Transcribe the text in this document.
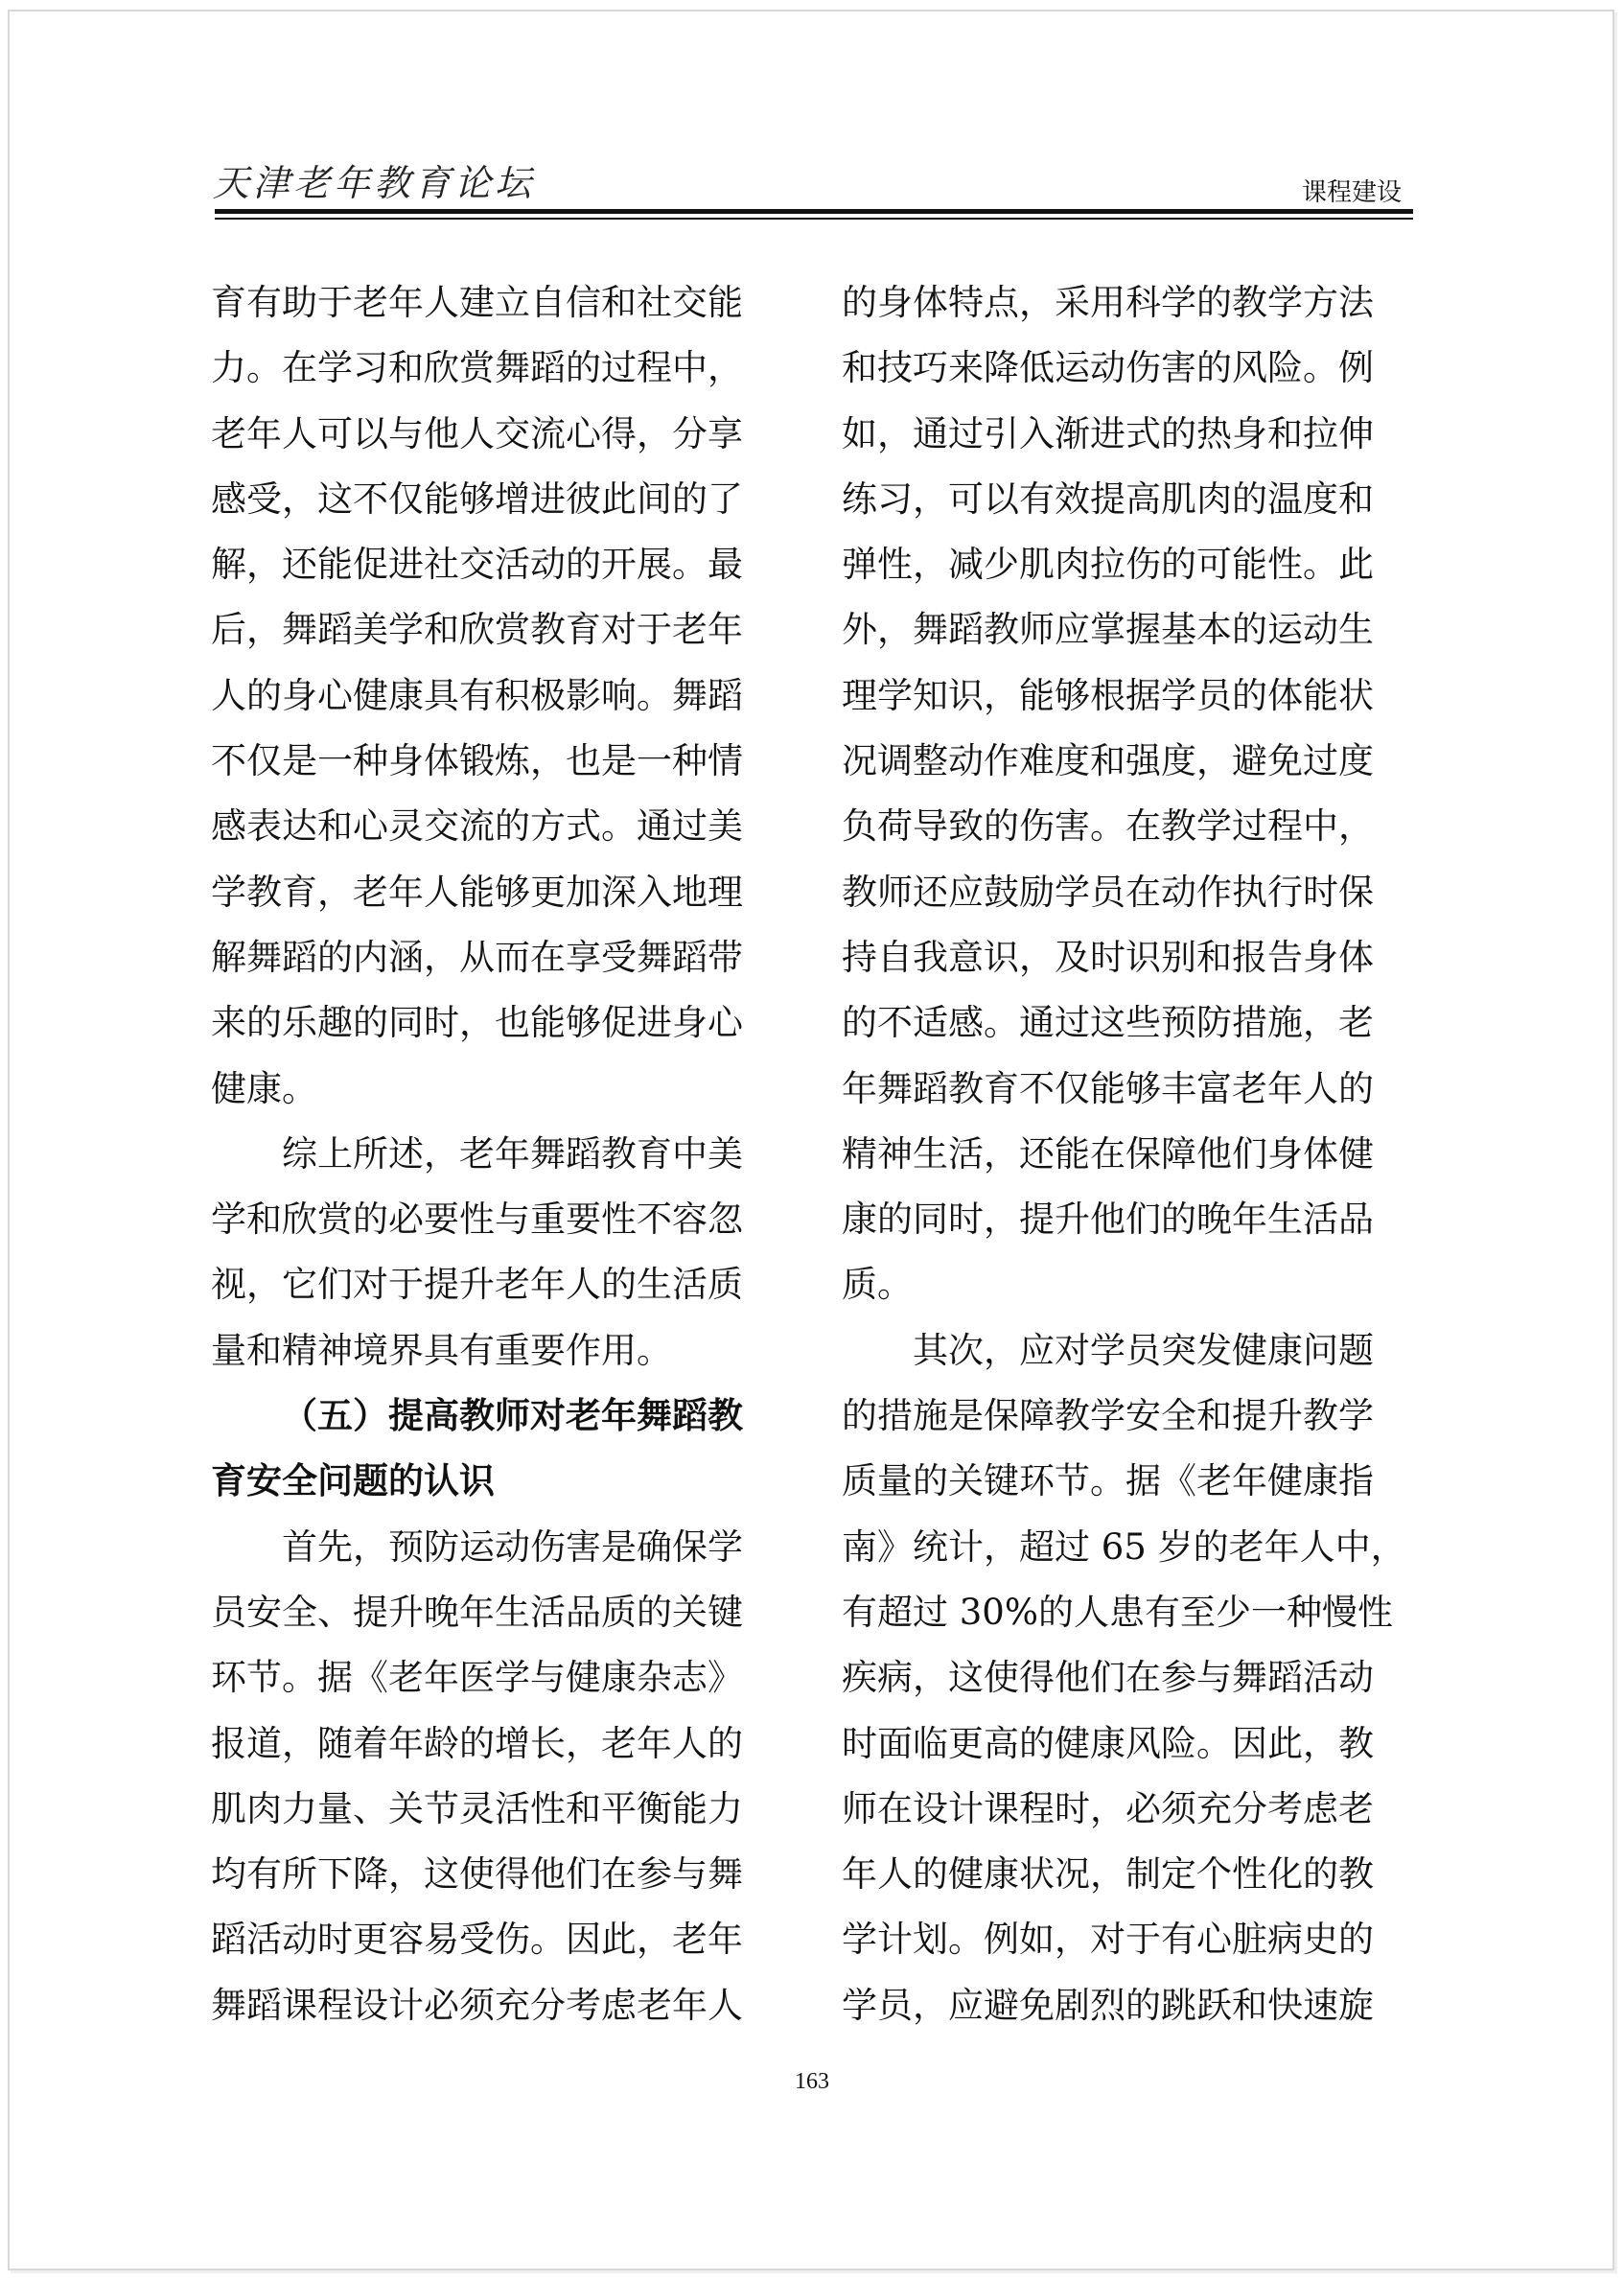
天津老年教育论坛	课程建设
育有助于老年人建立自信和社交能
力。在学习和欣赏舞蹈的过程中，
老年人可以与他人交流心得，分享
感受，这不仅能够增进彼此间的了
解，还能促进社交活动的开展。最
后，舞蹈美学和欣赏教育对于老年
人的身心健康具有积极影响。舞蹈
不仅是一种身体锻炼，也是一种情
感表达和心灵交流的方式。通过美
学教育，老年人能够更加深入地理
解舞蹈的内涵，从而在享受舞蹈带
来的乐趣的同时，也能够促进身心
健康。
综上所述，老年舞蹈教育中美
学和欣赏的必要性与重要性不容忽
视，它们对于提升老年人的生活质
量和精神境界具有重要作用。
（五）提高教师对老年舞蹈教
育安全问题的认识
首先，预防运动伤害是确保学
员安全、提升晚年生活品质的关键
环节。据《老年医学与健康杂志》
报道，随着年龄的增长，老年人的
肌肉力量、关节灵活性和平衡能力
均有所下降，这使得他们在参与舞
蹈活动时更容易受伤。因此，老年
舞蹈课程设计必须充分考虑老年人
的身体特点，采用科学的教学方法
和技巧来降低运动伤害的风险。例
如，通过引入渐进式的热身和拉伸
练习，可以有效提高肌肉的温度和
弹性，减少肌肉拉伤的可能性。此
外，舞蹈教师应掌握基本的运动生
理学知识，能够根据学员的体能状
况调整动作难度和强度，避免过度
负荷导致的伤害。在教学过程中，
教师还应鼓励学员在动作执行时保
持自我意识，及时识别和报告身体
的不适感。通过这些预防措施，老
年舞蹈教育不仅能够丰富老年人的
精神生活，还能在保障他们身体健
康的同时，提升他们的晚年生活品
质。
其次，应对学员突发健康问题
的措施是保障教学安全和提升教学
质量的关键环节。据《老年健康指
南》统计，超过 65 岁的老年人中，
有超过 30%的人患有至少一种慢性
疾病，这使得他们在参与舞蹈活动
时面临更高的健康风险。因此，教
师在设计课程时，必须充分考虑老
年人的健康状况，制定个性化的教
学计划。例如，对于有心脏病史的
学员，应避免剧烈的跳跃和快速旋
163
